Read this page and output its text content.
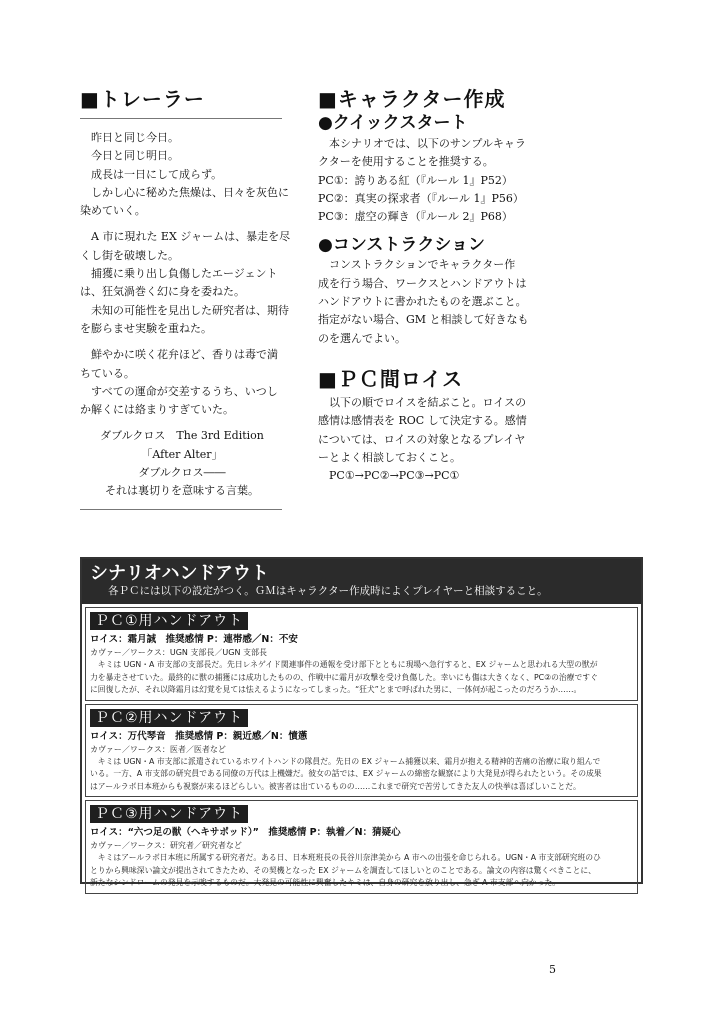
■トレーラー

昨日と同じ今日。

今日と同じ明日。

成長は一日にして成らず。

しかし心に秘めた焦燥は、日々を灰色に

染めていく。

A 市に現れた EX ジャームは、暴走を尽

くし街を破壊した。

捕獲に乗り出し負傷したエージェント

は、狂気渦巻く幻に身を委ねた。

未知の可能性を見出した研究者は、期待

を膨らませ実験を重ねた。

鮮やかに咲く花弁ほど、香りは毒で満

ちている。

すべての運命が交差するうち、いつし

か解くには絡まりすぎていた。

ダブルクロス　The 3rd Edition

「After Alter」

ダブルクロス――

それは裏切りを意味する言葉。

■キャラクター作成
●クイックスタート

本シナリオでは、以下のサンプルキャラ

クターを使用することを推奨する。

PC①：誇りある紅（『ルール 1』P52）

PC②：真実の探求者（『ルール 1』P56）

PC③：虚空の輝き（『ルール 2』P68）

●コンストラクション

コンストラクションでキャラクター作

成を行う場合、ワークスとハンドアウトは

ハンドアウトに書かれたものを選ぶこと。

指定がない場合、GM と相談して好きなも

のを選んでよい。

■ＰＣ間ロイス

以下の順でロイスを結ぶこと。ロイスの

感情は感情表を ROC して決定する。感情

については、ロイスの対象となるプレイヤ

ーとよく相談しておくこと。

PC①→PC②→PC③→PC①

シナリオハンドアウト
各ＰＣには以下の設定がつく。ＧＭはキャラクター作成時によくプレイヤーと相談すること。
ＰＣ①用ハンドアウト
ロイス：霜月誠　推奨感情 P：連帯感／N：不安
カヴァー／ワークス：UGN 支部長／UGN 支部長

　キミは UGN・A 市支部の支部長だ。先日レネゲイド関連事件の通報を受け部下とともに現場へ急行すると、EX ジャームと思われる大型の獣が

力を暴走させていた。最終的に獣の捕獲には成功したものの、作戦中に霜月が攻撃を受け負傷した。幸いにも傷は大きくなく、PC②の治療ですぐ

に回復したが、それ以降霜月は幻覚を見ては怯えるようになってしまった。“狂犬”とまで呼ばれた男に、一体何が起こったのだろうか……。

ＰＣ②用ハンドアウト
ロイス：万代琴音　推奨感情 P：親近感／N：憤懣
カヴァー／ワークス：医者／医者など

　キミは UGN・A 市支部に派遣されているホワイトハンドの隊員だ。先日の EX ジャーム捕獲以来、霜月が抱える精神的苦痛の治療に取り組んで

いる。一方、A 市支部の研究員である同僚の万代は上機嫌だ。彼女の話では、EX ジャームの綿密な観察により大発見が得られたという。その成果

はアールラボ日本班からも視察が来るほどらしい。被害者は出ているものの……これまで研究で苦労してきた友人の快挙は喜ばしいことだ。

ＰＣ③用ハンドアウト
ロイス：“六つ足の獣（ヘキサポッド）”　推奨感情 P：執着／N：猜疑心
カヴァー／ワークス：研究者／研究者など

　キミはアールラボ日本班に所属する研究者だ。ある日、日本班班長の長谷川奈津美から A 市への出張を命じられる。UGN・A 市支部研究班のひ

とりから興味深い論文が提出されてきたため、その契機となった EX ジャームを調査してほしいとのことである。論文の内容は驚くべきことに、

新たなシンドロームの発見を示唆するものだ。大発見の可能性に興奮したキミは、自身の研究を放り出し、急ぎ A 市支部へ向かった。

5
